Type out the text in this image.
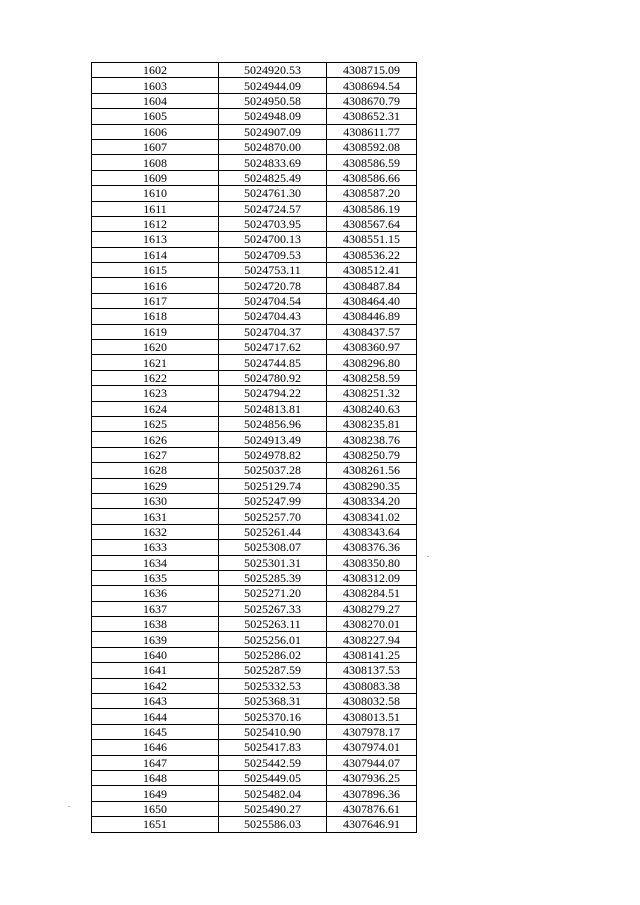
1602	5024920.53	4308715.09
1603	5024944.09	4308694.54
1604	5024950.58	4308670.79
1605	5024948.09	4308652.31
1606	5024907.09	4308611.77
1607	5024870.00	4308592.08
1608	5024833.69	4308586.59
1609	5024825.49	4308586.66
1610	5024761.30	4308587.20
1611	5024724.57	4308586.19
1612	5024703.95	4308567.64
1613	5024700.13	4308551.15
1614	5024709.53	4308536.22
1615	5024753.11	4308512.41
1616	5024720.78	4308487.84
1617	5024704.54	4308464.40
1618	5024704.43	4308446.89
1619	5024704.37	4308437.57
1620	5024717.62	4308360.97
1621	5024744.85	4308296.80
1622	5024780.92	4308258.59
1623	5024794.22	4308251.32
1624	5024813.81	4308240.63
1625	5024856.96	4308235.81
1626	5024913.49	4308238.76
1627	5024978.82	4308250.79
1628	5025037.28	4308261.56
1629	5025129.74	4308290.35
1630	5025247.99	4308334.20
1631	5025257.70	4308341.02
1632	5025261.44	4308343.64
1633	5025308.07	4308376.36
1634	5025301.31	4308350.80
1635	5025285.39	4308312.09
1636	5025271.20	4308284.51
1637	5025267.33	4308279.27
1638	5025263.11	4308270.01
1639	5025256.01	4308227.94
1640	5025286.02	4308141.25
1641	5025287.59	4308137.53
1642	5025332.53	4308083.38
1643	5025368.31	4308032.58
1644	5025370.16	4308013.51
1645	5025410.90	4307978.17
1646	5025417.83	4307974.01
1647	5025442.59	4307944.07
1648	5025449.05	4307936.25
1649	5025482.04	4307896.36
1650	5025490.27	4307876.61
1651	5025586.03	4307646.91
